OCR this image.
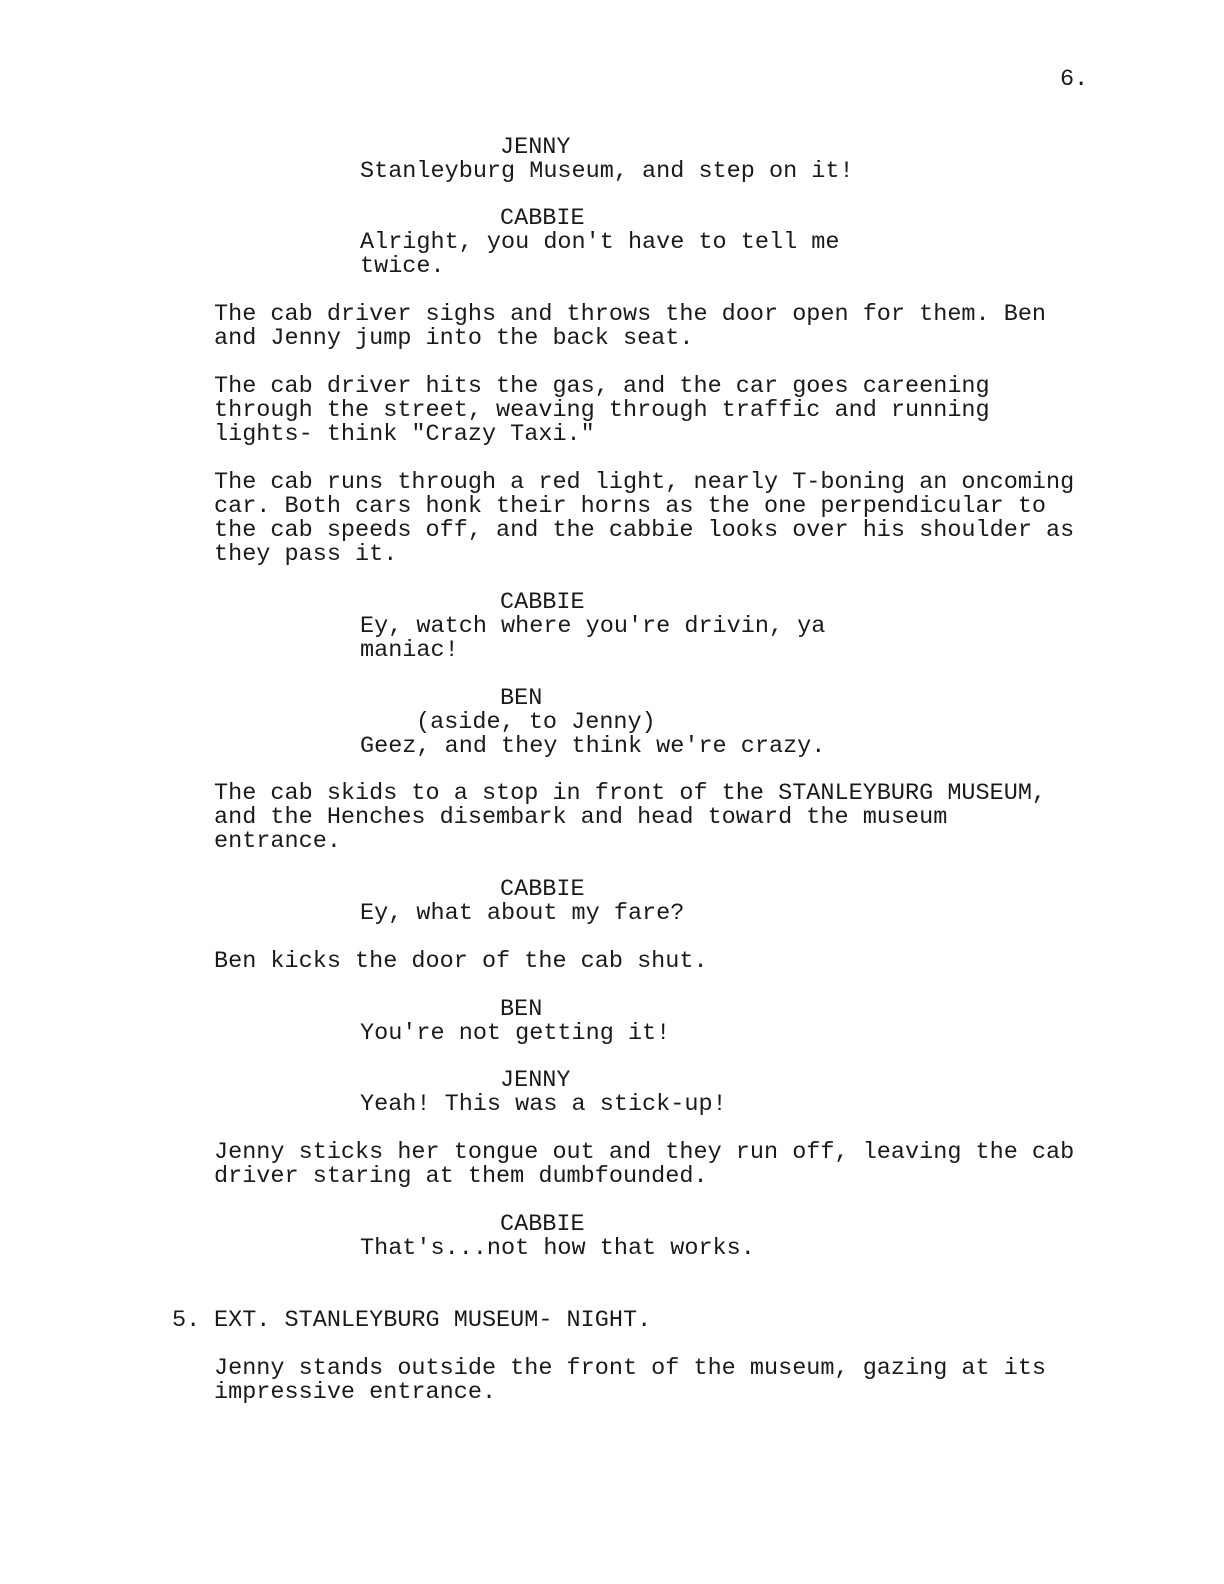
6.
JENNY
Stanleyburg Museum, and step on it!
CABBIE
Alright, you don't have to tell me
twice.
The cab driver sighs and throws the door open for them. Ben
and Jenny jump into the back seat.
The cab driver hits the gas, and the car goes careening
through the street, weaving through traffic and running
lights- think "Crazy Taxi."
The cab runs through a red light, nearly T-boning an oncoming
car. Both cars honk their horns as the one perpendicular to
the cab speeds off, and the cabbie looks over his shoulder as
they pass it.
CABBIE
Ey, watch where you're drivin, ya
maniac!
BEN
(aside, to Jenny)
Geez, and they think we're crazy.
The cab skids to a stop in front of the STANLEYBURG MUSEUM,
and the Henches disembark and head toward the museum
entrance.
CABBIE
Ey, what about my fare?
Ben kicks the door of the cab shut.
BEN
You're not getting it!
JENNY
Yeah! This was a stick-up!
Jenny sticks her tongue out and they run off, leaving the cab
driver staring at them dumbfounded.
CABBIE
That's...not how that works.
5. EXT. STANLEYBURG MUSEUM- NIGHT.
Jenny stands outside the front of the museum, gazing at its
impressive entrance.
